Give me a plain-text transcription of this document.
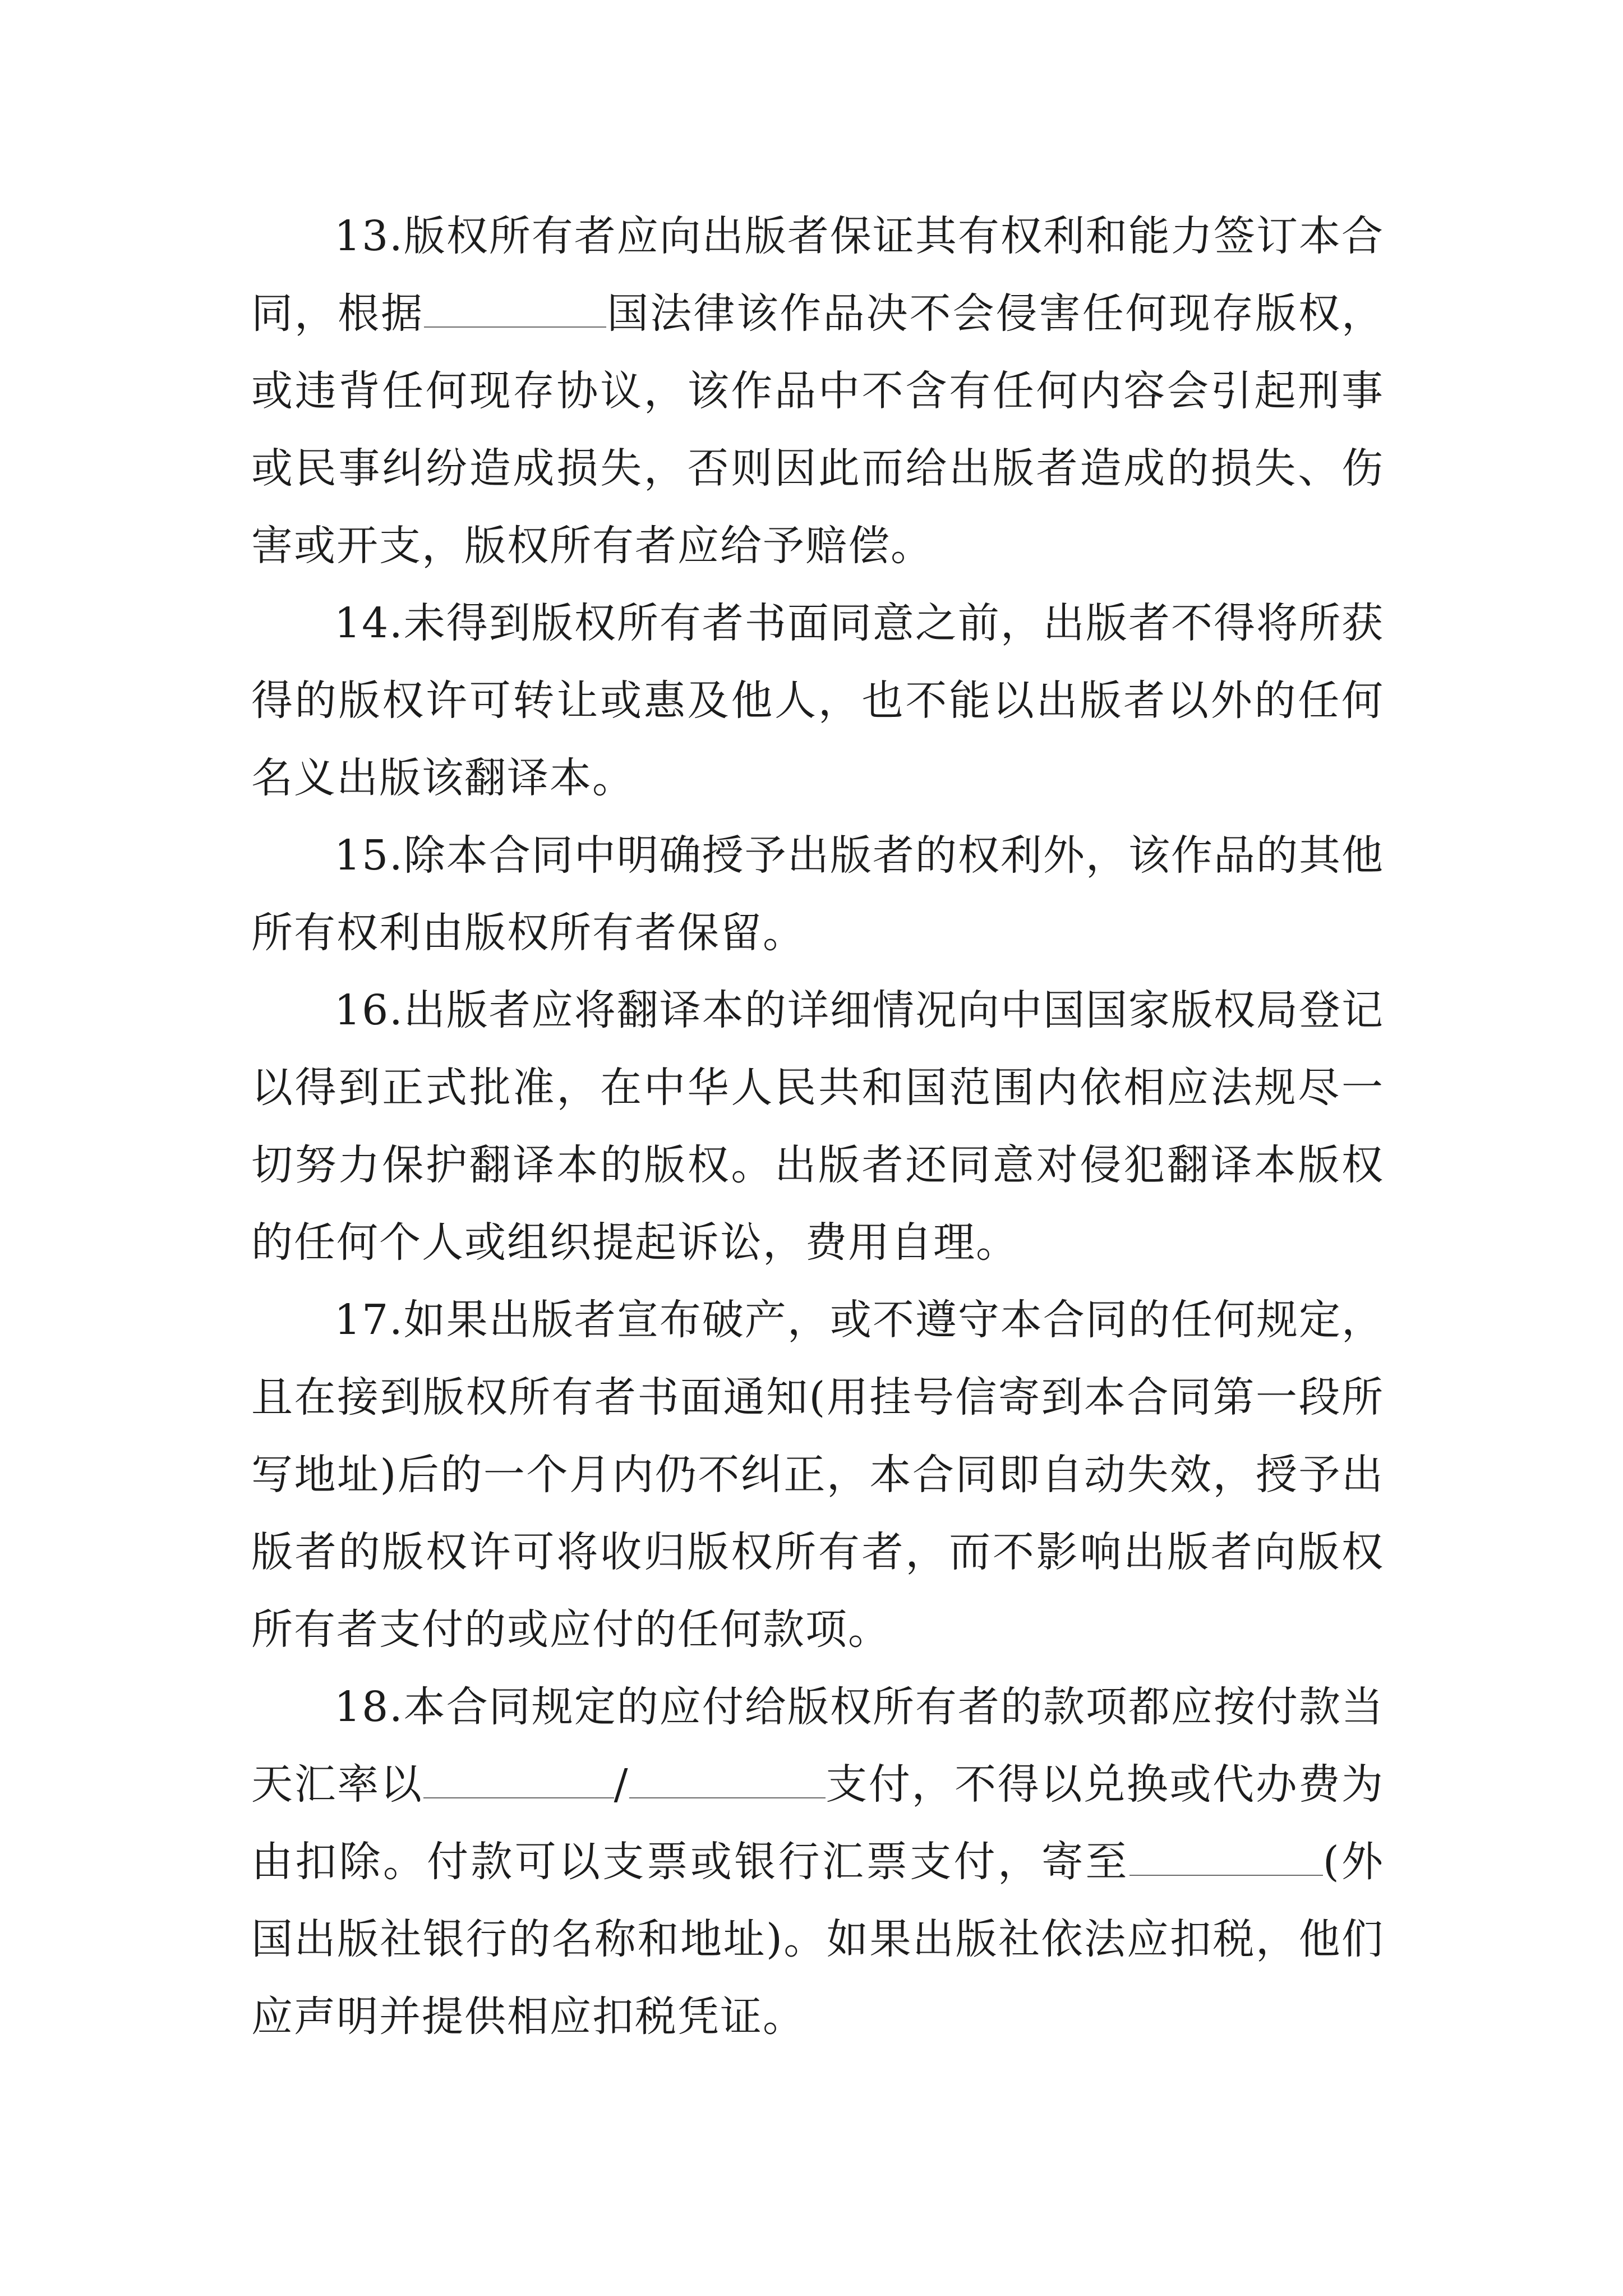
13.版权所有者应向出版者保证其有权利和能力签订本合同，根据	国法律该作品决不会侵害任何现存版权，或违背任何现存协议，该作品中不含有任何内容会引起刑事或民事纠纷造成损失，否则因此而给出版者造成的损失、伤害或开支，版权所有者应给予赔偿。

14.未得到版权所有者书面同意之前，出版者不得将所获得的版权许可转让或惠及他人，也不能以出版者以外的任何名义出版该翻译本。

15.除本合同中明确授予出版者的权利外，该作品的其他所有权利由版权所有者保留。

16.出版者应将翻译本的详细情况向中国国家版权局登记以得到正式批准，在中华人民共和国范围内依相应法规尽一切努力保护翻译本的版权。出版者还同意对侵犯翻译本版权的任何个人或组织提起诉讼，费用自理。

17.如果出版者宣布破产，或不遵守本合同的任何规定，且在接到版权所有者书面通知(用挂号信寄到本合同第一段所写地址)后的一个月内仍不纠正，本合同即自动失效，授予出版者的版权许可将收归版权所有者，而不影响出版者向版权所有者支付的或应付的任何款项。

18.本合同规定的应付给版权所有者的款项都应按付款当天汇率以	/	支付，不得以兑换或代办费为由扣除。付款可以支票或银行汇票支付，寄至	(外国出版社银行的名称和地址)。如果出版社依法应扣税，他们应声明并提供相应扣税凭证。
